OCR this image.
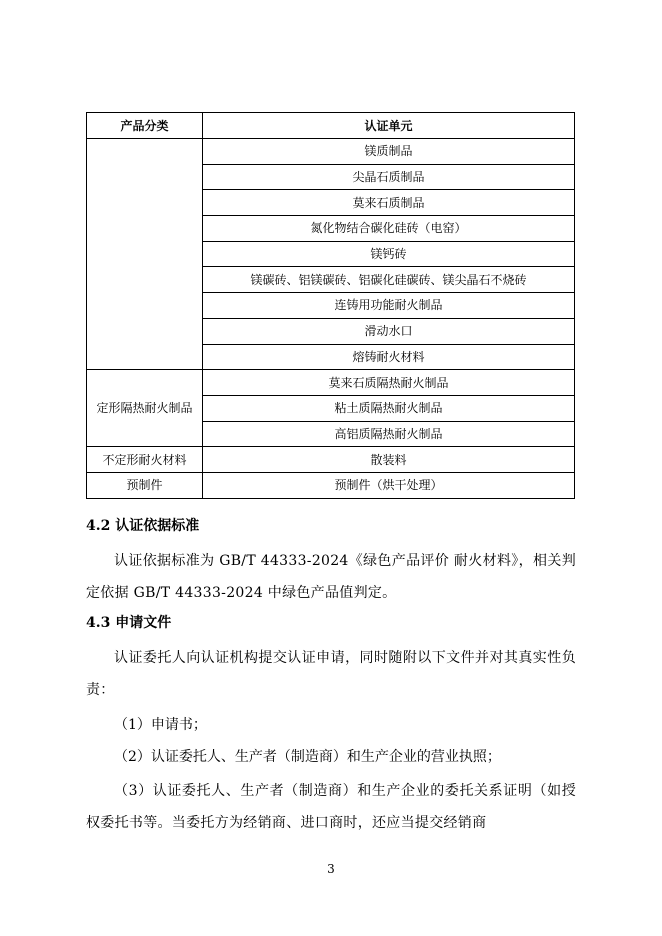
产品分类	认证单元
	镁质制品
	尖晶石质制品
	莫来石质制品
	氮化物结合碳化硅砖（电窑）
	镁钙砖
	镁碳砖、铝镁碳砖、铝碳化硅碳砖、镁尖晶石不烧砖
	连铸用功能耐火制品
	滑动水口
	熔铸耐火材料
定形隔热耐火制品	莫来石质隔热耐火制品
	粘土质隔热耐火制品
	高铝质隔热耐火制品
不定形耐火材料	散装料
预制件	预制件（烘干处理）
4.2 认证依据标准
认证依据标准为 GB/T 44333-2024《绿色产品评价 耐火材料》，相关判定依据 GB/T 44333-2024 中绿色产品值判定。
4.3 申请文件
认证委托人向认证机构提交认证申请，同时随附以下文件并对其真实性负责：
（1）申请书；
（2）认证委托人、生产者（制造商）和生产企业的营业执照；
（3）认证委托人、生产者（制造商）和生产企业的委托关系证明（如授权委托书等。当委托方为经销商、进口商时，还应当提交经销商
3
